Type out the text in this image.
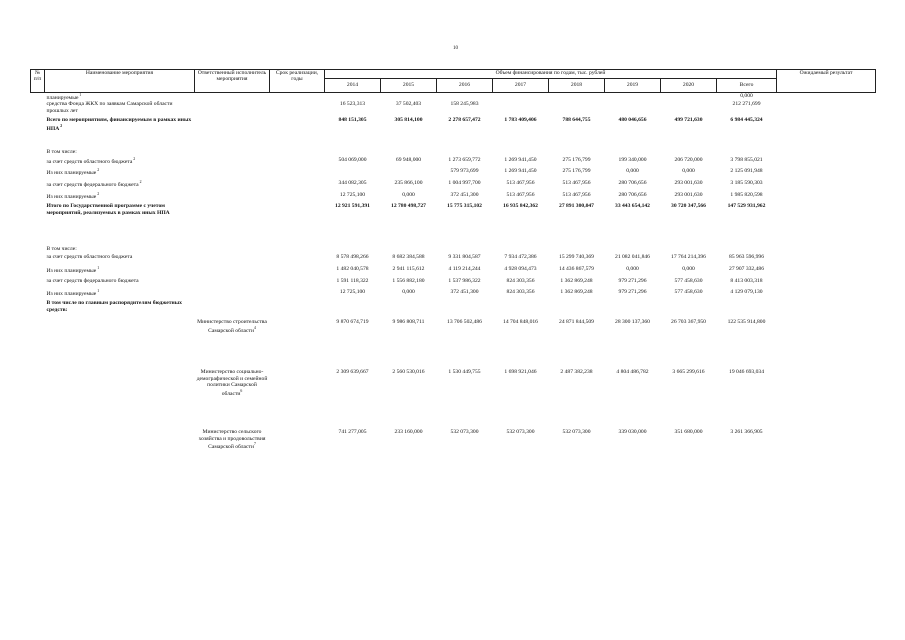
10
№ п/п	Наименование мероприятия	Ответственный исполнитель мероприятия	Срок реализации, годы	Объем финансирования по годам, тыс. рублей								Ожидаемый результат
				2014	2015	2016	2017	2018	2019	2020	Всего	
	планируемые $^1$										0,000	
	средства Фонда ЖКХ по заявкам Самарской области прошлых лет			16 523,313	37 502,403	158 245,983					212 271,699	
	Всего по мероприятиям, финансируемым в рамках иных НПА $^2$			848 151,305	305 814,100	2 278 657,472	1 783 409,406	788 644,755	480 046,656	499 721,630	6 984 445,324	

	В том числе:											
	за счет средств областного бюджета $^2$			504 069,000	69 948,000	1 273 659,772	1 269 941,450	275 176,799	199 340,000	206 720,000	3 798 855,021	
	Из них планируемые $^2$					579 973,699	1 269 941,450	275 176,799	0,000	0,000	2 125 091,948	
	за счет средств федерального бюджета $^2$			344 082,305	235 866,100	1 004 997,700	513 467,956	513 467,956	280 706,656	293 001,630	3 185 590,303	
	Из них планируемые $^2$			12 725,100	0,000	372 451,300	513 467,956	513 467,956	280 706,656	293 001,630	1 985 820,598	
	Итого по Государственной программе с учетом мероприятий, реализуемых в рамках иных НПА			12 921 591,391	12 780 498,727	15 775 315,102	16 935 842,362	27 891 300,047	33 443 654,142	30 720 347,566	147 529 931,962	

	В том числе:											
	за счет средств областного бюджета			8 578 498,266	8 682 384,588	9 331 804,587	7 934 472,386	15 299 740,369	21 082 041,846	17 764 214,396	85 963 596,996	
	Из них планируемые $^1$			1 482 040,578	2 941 115,612	4 119 214,244	4 928 094,473	14 436 867,579	0,000	0,000	27 907 332,486	
	за счет средств федерального бюджета			1 591 118,322	1 556 882,180	1 537 986,322	824 303,356	1 362 869,248	979 271,296	577 458,630	8 413 003,318	
	Из них планируемые $^1$			12 725,100	0,000	372 451,300	824 303,356	1 362 869,248	979 271,296	577 458,630	4 129 079,130	
	В том числе по главным распорядителям бюджетных средств:											

		Министерство строительства Самарской области$^4$		9 870 674,719	9 986 808,711	13 706 502,486	14 704 848,016	24 871 844,509	28 300 137,360	26 703 367,950	122 535 914,800	

		Министерство социально-демографической и семейной политики Самарской области$^6$		2 309 639,667	2 560 530,016	1 530 449,755	1 698 921,046	2 487 382,238	4 804 486,782	3 665 299,616	19 046 693,034	

		Министерство сельского хозяйства и продовольствия Самарской области$^7$		741 277,005	233 160,000	532 073,300	532 073,300	532 073,300	339 030,000	351 680,000	3 261 366,905	
